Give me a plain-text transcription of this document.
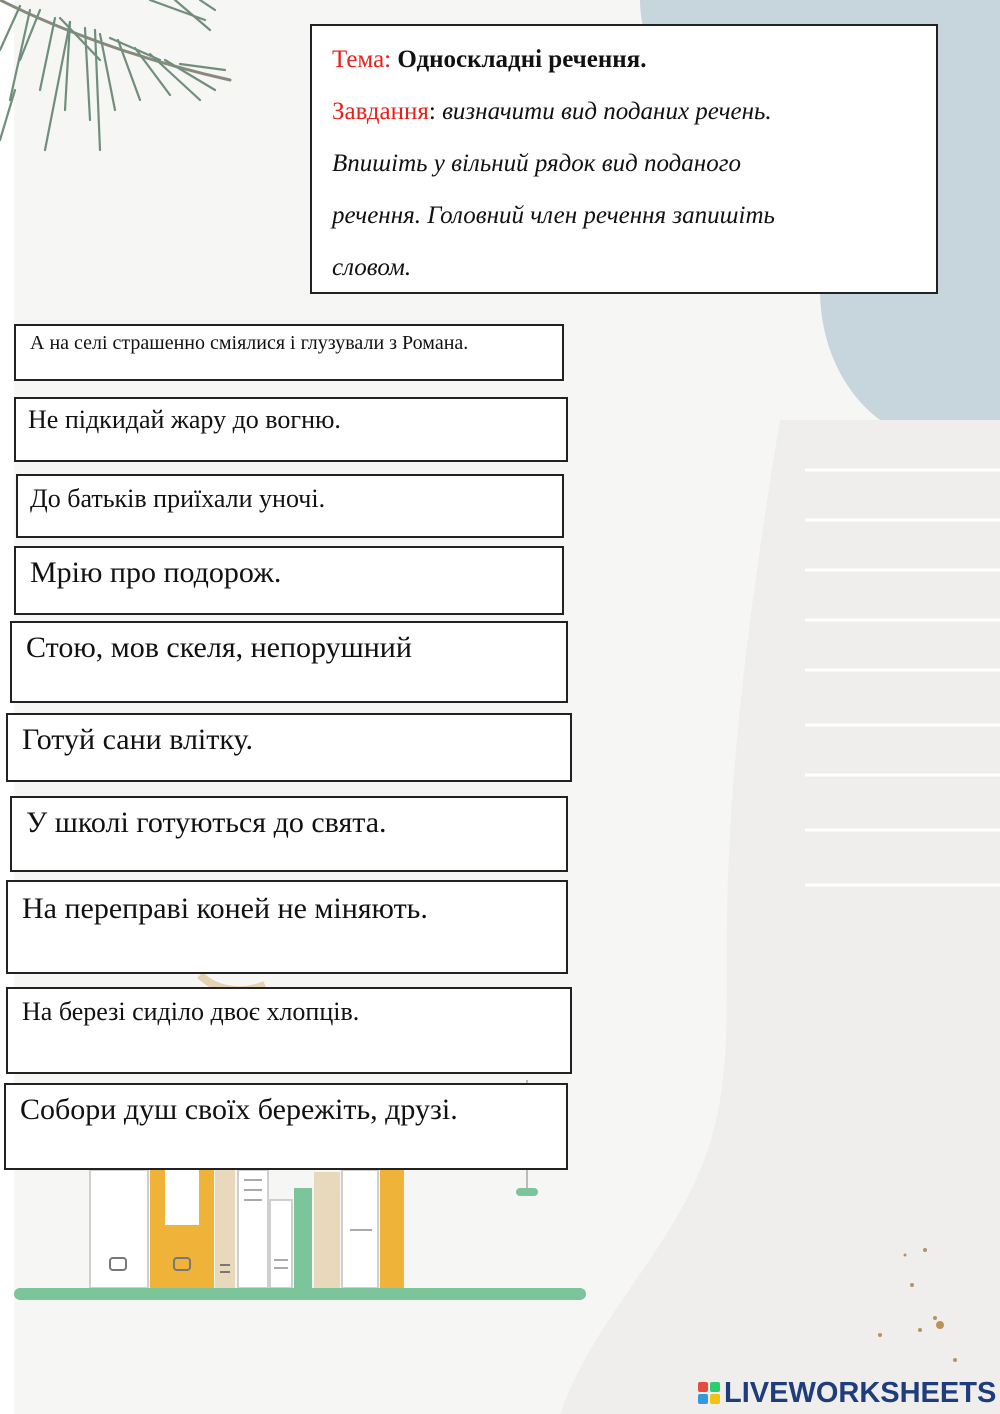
Тема: Односкладні речення.
Завдання: визначити вид поданих речень.
Впишіть у вільний рядок вид поданого
речення. Головний член речення запишіть
словом.
А на селі страшенно сміялися і глузували з Романа.
Не підкидай жару до вогню.
До батьків приїхали уночі.
Мрію про подорож.
Стою, мов скеля, непорушний
Готуй сани влітку.
У школі готуються до свята.
На переправі коней не міняють.
На березі сиділо двоє хлопців.
Собори душ своїх бережіть, друзі.
LIVEWORKSHEETS
